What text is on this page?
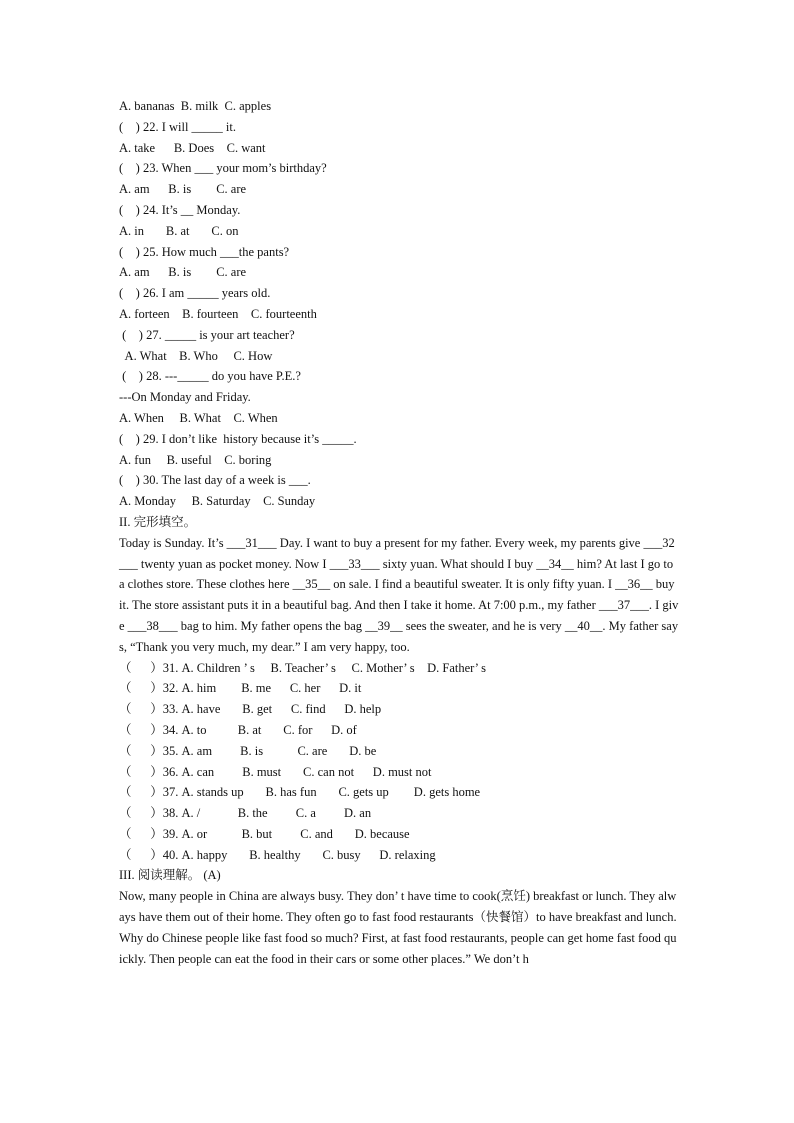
A. bananas  B. milk  C. apples

(    ) 22. I will _____ it.

A. take      B. Does    C. want

(    ) 23. When ___ your mom’s birthday?

A. am      B. is        C. are

(    ) 24. It’s __ Monday.

A. in       B. at       C. on

(    ) 25. How much ___the pants?

A. am      B. is        C. are

(    ) 26. I am _____ years old.

A. forteen    B. fourteen    C. fourteenth

(    ) 27. _____ is your art teacher?

A. What    B. Who     C. How

(    ) 28. ---_____ do you have P.E.?

---On Monday and Friday.

A. When     B. What    C. When

(    ) 29. I don’t like  history because it’s _____.

A. fun     B. useful    C. boring

(    ) 30. The last day of a week is ___.

A. Monday     B. Saturday    C. Sunday

II. 完形填空。

Today is Sunday. It’s ___31___ Day. I want to buy a present for my father. Every week, my parents give ___32___ twenty yuan as pocket money. Now I ___33___ sixty yuan. What should I buy __34__ him? At last I go to a clothes store. These clothes here __35__ on sale. I find a beautiful sweater. It is only fifty yuan. I __36__ buy it. The store assistant puts it in a beautiful bag. And then I take it home. At 7:00 p.m., my father ___37___. I give ___38___ bag to him. My father opens the bag __39__ sees the sweater, and he is very __40__. My father says, “Thank you very much, my dear.” I am very happy, too.

（      ）31. A. Children ’ s     B. Teacher’ s     C. Mother’ s    D. Father’ s

（      ）32. A. him        B. me      C. her      D. it

（      ）33. A. have       B. get      C. find      D. help

（      ）34. A. to          B. at       C. for      D. of

（      ）35. A. am         B. is           C. are       D. be

（      ）36. A. can         B. must       C. can not      D. must not

（      ）37. A. stands up       B. has fun       C. gets up        D. gets home

（      ）38. A. /            B. the         C. a         D. an

（      ）39. A. or           B. but         C. and       D. because

（      ）40. A. happy       B. healthy       C. busy      D. relaxing

III. 阅读理解。 (A)

Now, many people in China are always busy. They don’ t have time to cook(烹饪) breakfast or lunch. They always have them out of their home. They often go to fast food restaurants（快餐馆）to have breakfast and lunch.

Why do Chinese people like fast food so much? First, at fast food restaurants, people can get home fast food quickly. Then people can eat the food in their cars or some other places.” We don’t h
